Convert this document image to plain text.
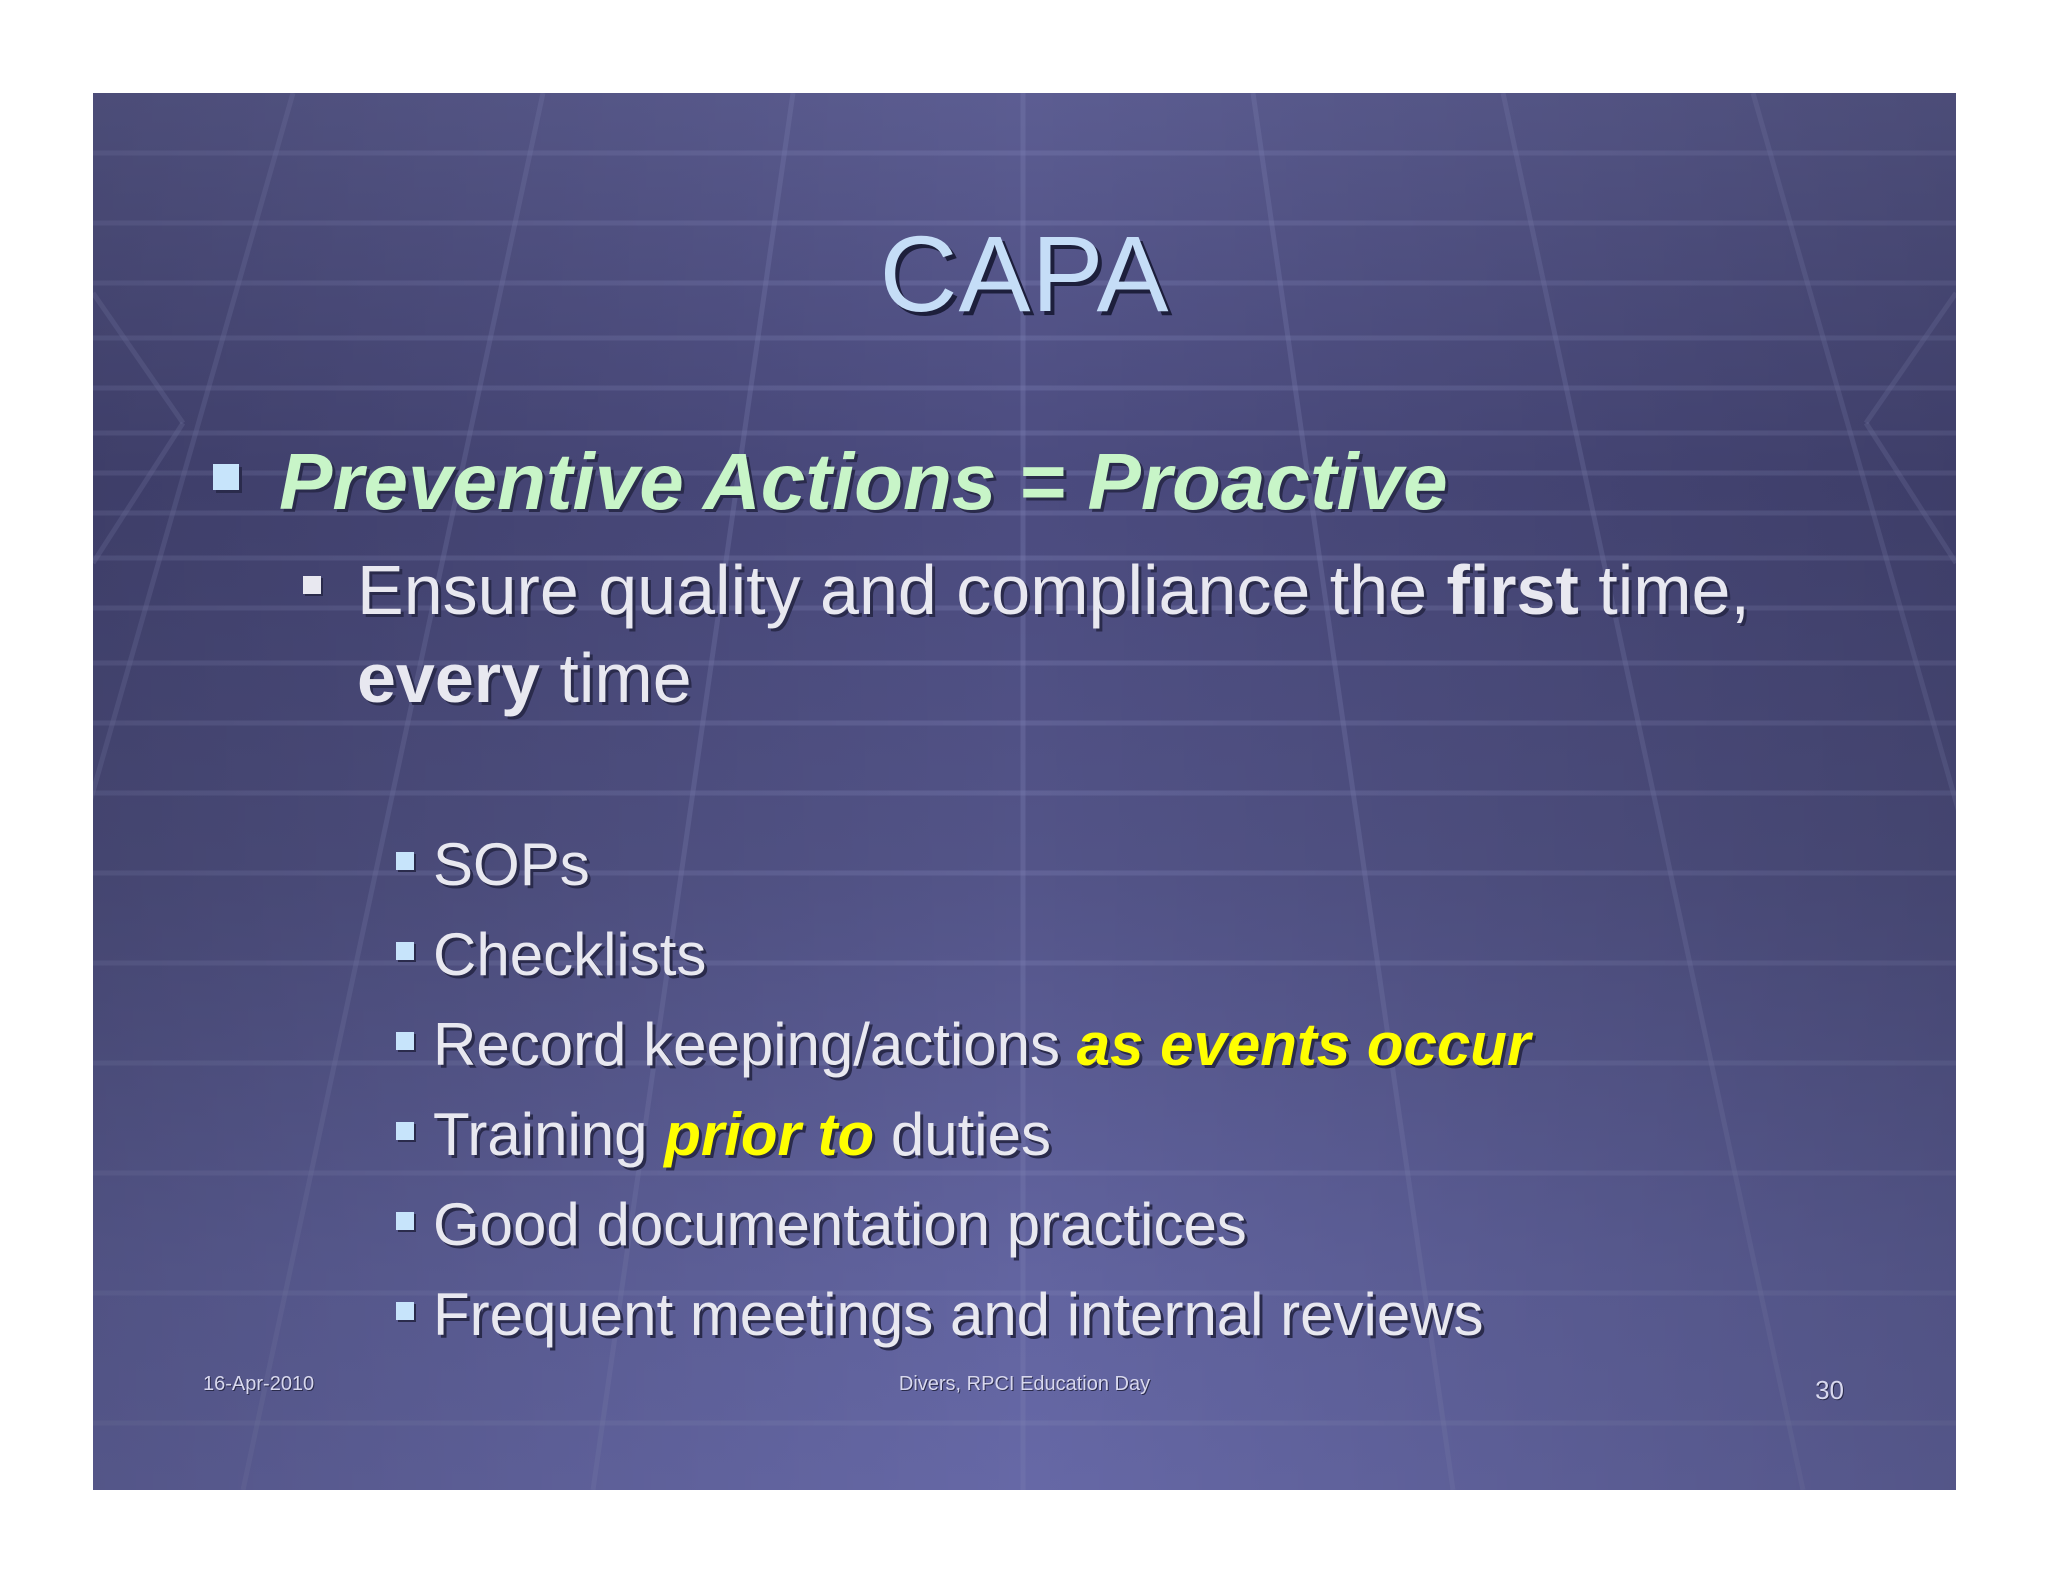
CAPA
Preventive Actions = Proactive
Ensure quality and compliance the first time,
every time
SOPs
Checklists
Record keeping/actions as events occur
Training prior to duties
Good documentation practices
Frequent meetings and internal reviews
16-Apr-2010	Divers, RPCI Education Day	30
